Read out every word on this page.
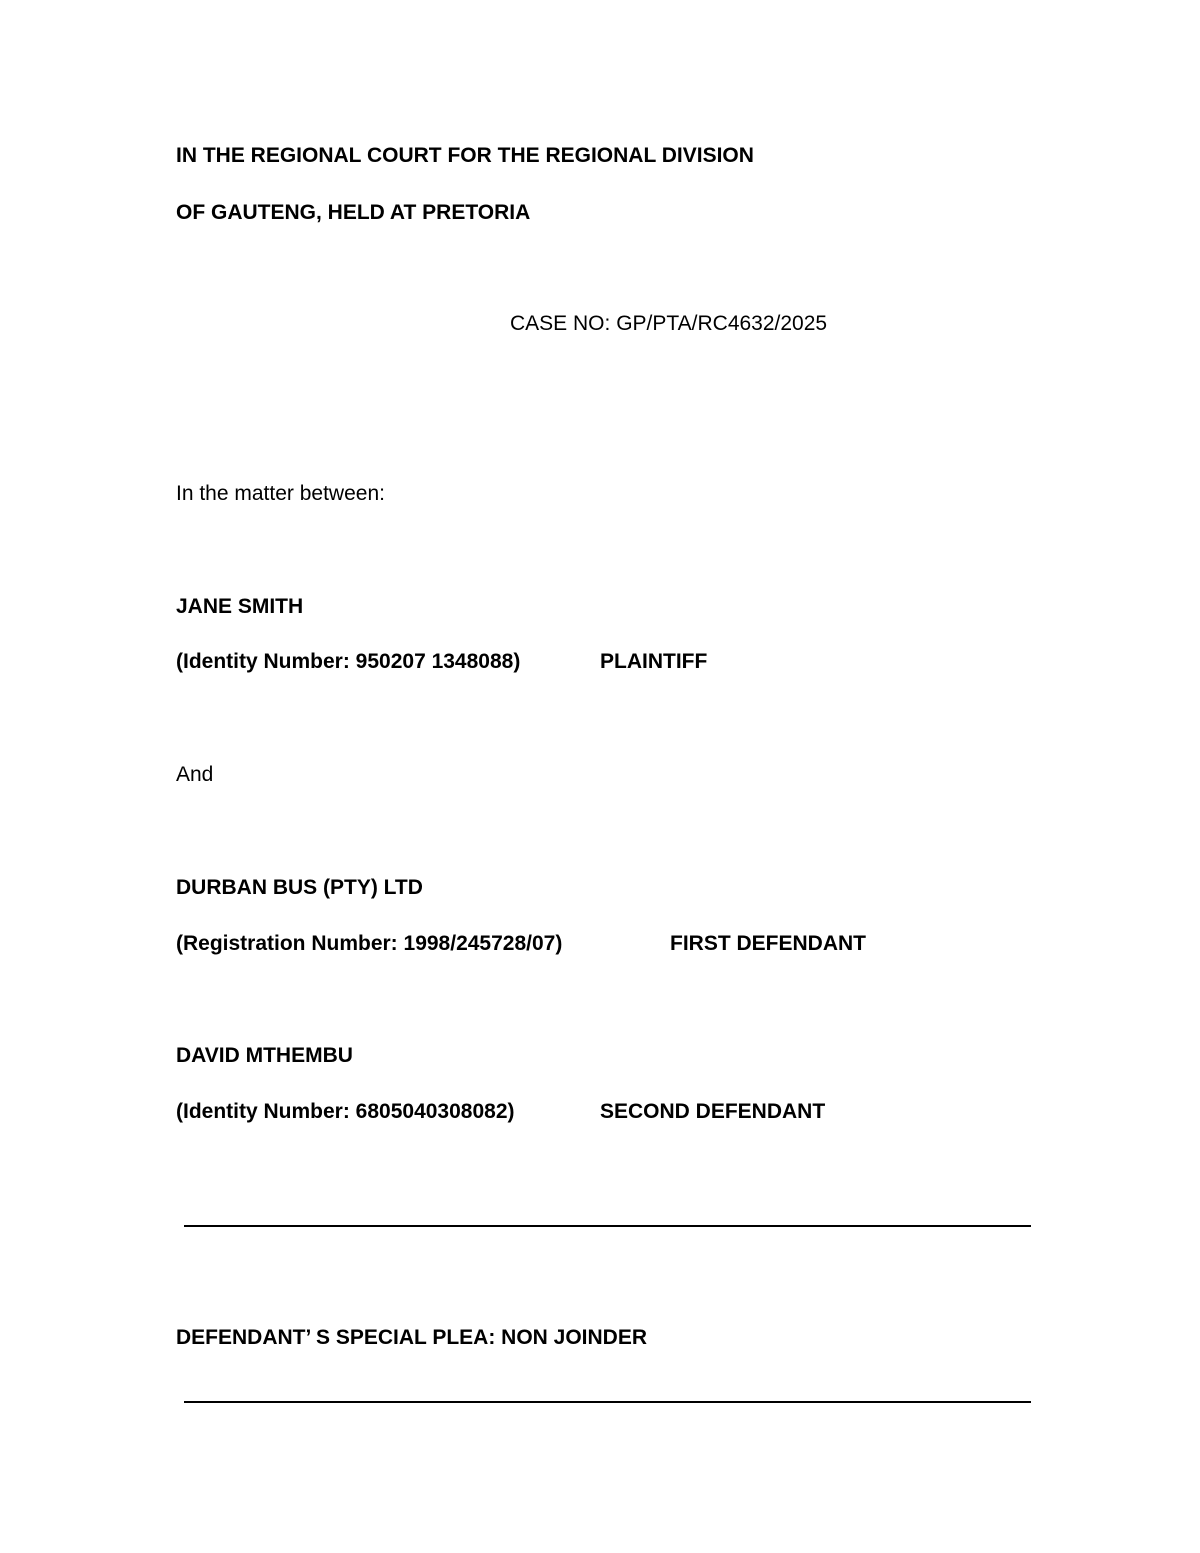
IN THE REGIONAL COURT FOR THE REGIONAL DIVISION
OF GAUTENG, HELD AT PRETORIA
CASE NO: GP/PTA/RC4632/2025
In the matter between:
JANE SMITH
(Identity Number: 950207 1348088)	PLAINTIFF
And
DURBAN BUS (PTY) LTD
(Registration Number: 1998/245728/07)	FIRST DEFENDANT
DAVID MTHEMBU
(Identity Number: 6805040308082)	SECOND DEFENDANT
DEFENDANT’ S SPECIAL PLEA: NON JOINDER
